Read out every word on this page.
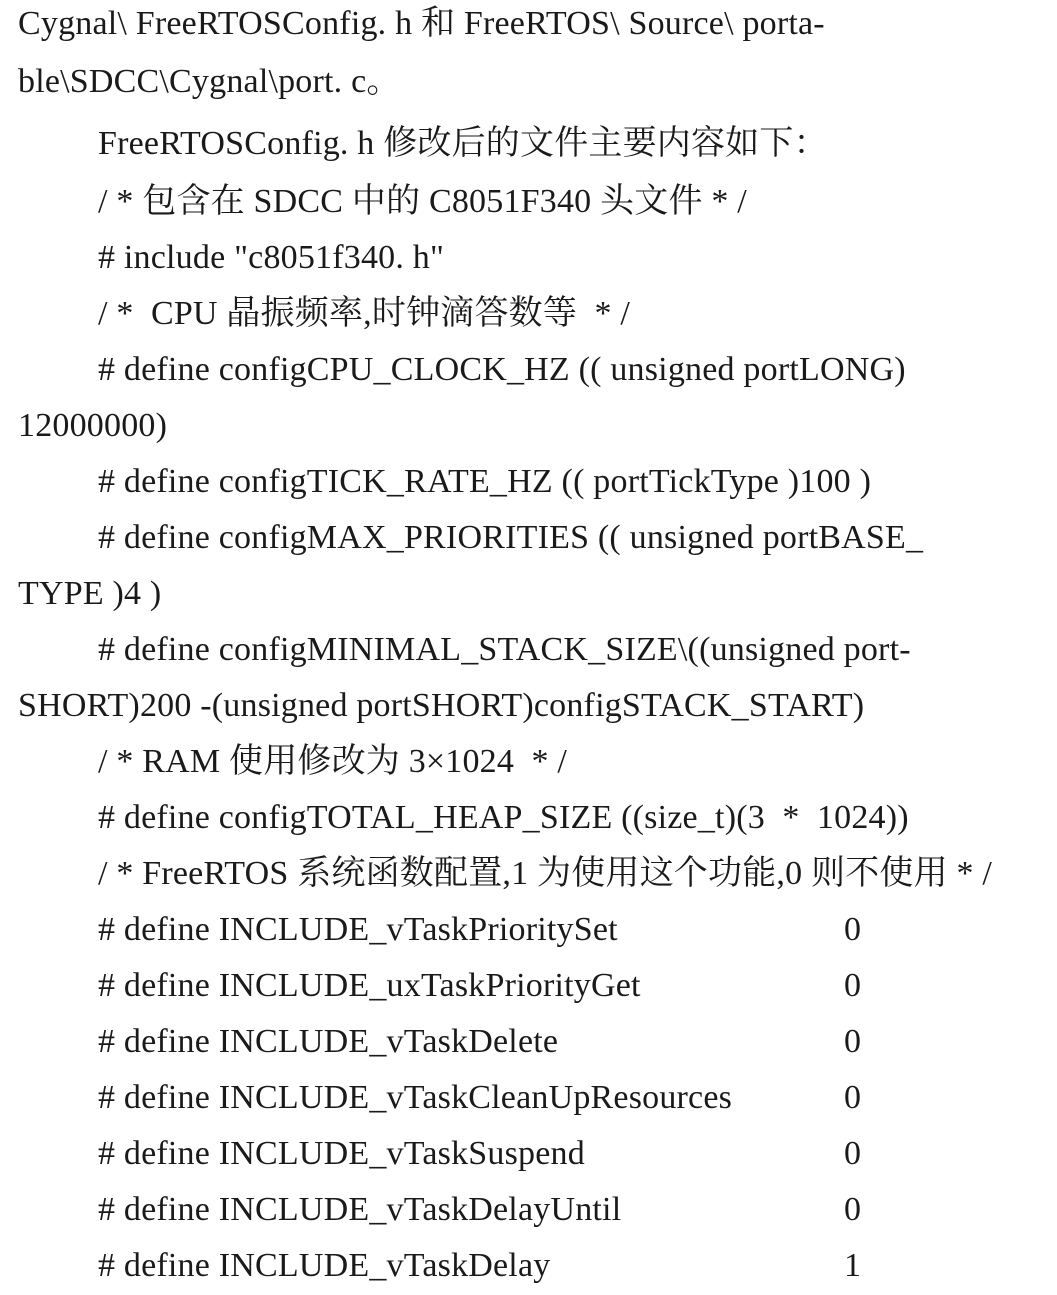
Cygnal\ FreeRTOSConfig. h 和 FreeRTOS\ Source\ porta-
ble\SDCC\Cygnal\port. c。
FreeRTOSConfig. h 修改后的文件主要内容如下：
/ * 包含在 SDCC 中的 C8051F340 头文件 * /
# include "c8051f340. h"
/ *  CPU 晶振频率,时钟滴答数等  * /
# define configCPU_CLOCK_HZ (( unsigned portLONG)
12000000)
# define configTICK_RATE_HZ (( portTickType )100 )
# define configMAX_PRIORITIES (( unsigned portBASE_
TYPE )4 )
# define configMINIMAL_STACK_SIZE\((unsigned port-
SHORT)200 -(unsigned portSHORT)configSTACK_START)
/ * RAM 使用修改为 3×1024  * /
# define configTOTAL_HEAP_SIZE ((size_t)(3  *  1024))
/ * FreeRTOS 系统函数配置,1 为使用这个功能,0 则不使用 * /
# define INCLUDE_vTaskPrioritySet	0
# define INCLUDE_uxTaskPriorityGet	0
# define INCLUDE_vTaskDelete	0
# define INCLUDE_vTaskCleanUpResources	0
# define INCLUDE_vTaskSuspend	0
# define INCLUDE_vTaskDelayUntil	0
# define INCLUDE_vTaskDelay	1
